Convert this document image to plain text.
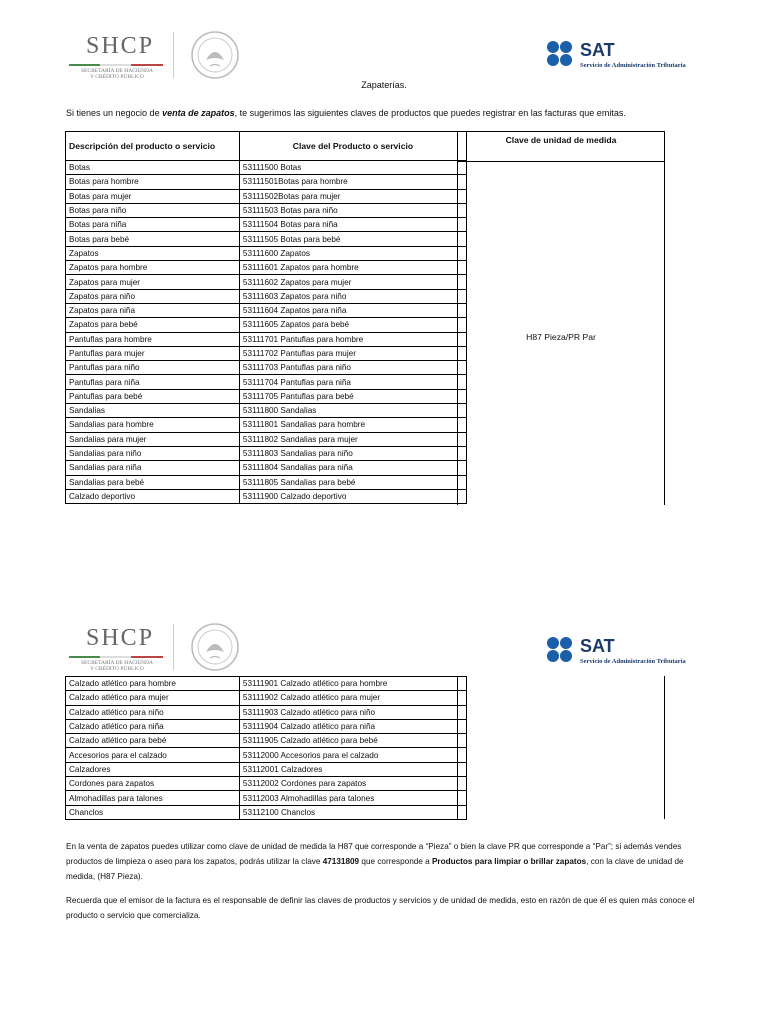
SHCP
SECRETARÍA DE HACIENDA
Y CRÉDITO PÚBLICO
SAT
Servicio de Administración Tributaria
Zapaterías.
Si tienes un negocio de venta de zapatos, te sugerimos las siguientes claves de productos que puedes registrar en las facturas que emitas.
Descripción del producto o servicio	Clave del Producto o servicio
Botas	53111500 Botas
Botas para hombre	53111501Botas para hombre
Botas para mujer	53111502Botas para mujer
Botas para niño	53111503 Botas para niño
Botas para niña	53111504 Botas para niña
Botas para bebé	53111505 Botas para bebé
Zapatos	53111600 Zapatos
Zapatos para hombre	53111601 Zapatos para hombre
Zapatos para mujer	53111602 Zapatos para mujer
Zapatos para niño	53111603 Zapatos para niño
Zapatos para niña	53111604 Zapatos para niña
Zapatos para bebé	53111605 Zapatos para bebé
Pantuflas para hombre	53111701 Pantuflas para hombre
Pantuflas para mujer	53111702 Pantuflas para mujer
Pantuflas para niño	53111703 Pantuflas para niño
Pantuflas para niña	53111704 Pantuflas para niña
Pantuflas para bebé	53111705 Pantuflas para bebé
Sandalias	53111800 Sandalias
Sandalias para hombre	53111801 Sandalias para hombre
Sandalias para mujer	53111802 Sandalias para mujer
Sandalias para niño	53111803 Sandalias para niño
Sandalias para niña	53111804 Sandalias para niña
Sandalias para bebé	53111805 Sandalias para bebé
Calzado deportivo	53111900 Calzado deportivo
Clave de unidad de medida
H87 Pieza/PR Par
SHCP
SECRETARÍA DE HACIENDA
Y CRÉDITO PÚBLICO
SAT
Servicio de Administración Tributaria
Calzado atlético para hombre	53111901 Calzado atlético para hombre
Calzado atlético para mujer	53111902 Calzado atlético para mujer
Calzado atlético para niño	53111903 Calzado atlético para niño
Calzado atlético para niña	53111904 Calzado atlético para niña
Calzado atlético para bebé	53111905 Calzado atlético para bebé
Accesorios para el calzado	53112000 Accesorios para el calzado
Calzadores	53112001 Calzadores
Cordones para zapatos	53112002 Cordones para zapatos
Almohadillas para talones	53112003 Almohadillas para talones
Chanclos	53112100 Chanclos
En la venta de zapatos puedes utilizar como clave de unidad de medida la H87 que corresponde a “Pieza” o bien la clave PR que corresponde a “Par”; si además vendes productos de limpieza o aseo para los zapatos, podrás utilizar la clave 47131809 que corresponde a Productos para limpiar o brillar zapatos, con la clave de unidad de medida, (H87 Pieza).
Recuerda que el emisor de la factura es el responsable de definir las claves de productos y servicios y de unidad de medida, esto en razón de que él es quien más conoce el producto o servicio que comercializa.
